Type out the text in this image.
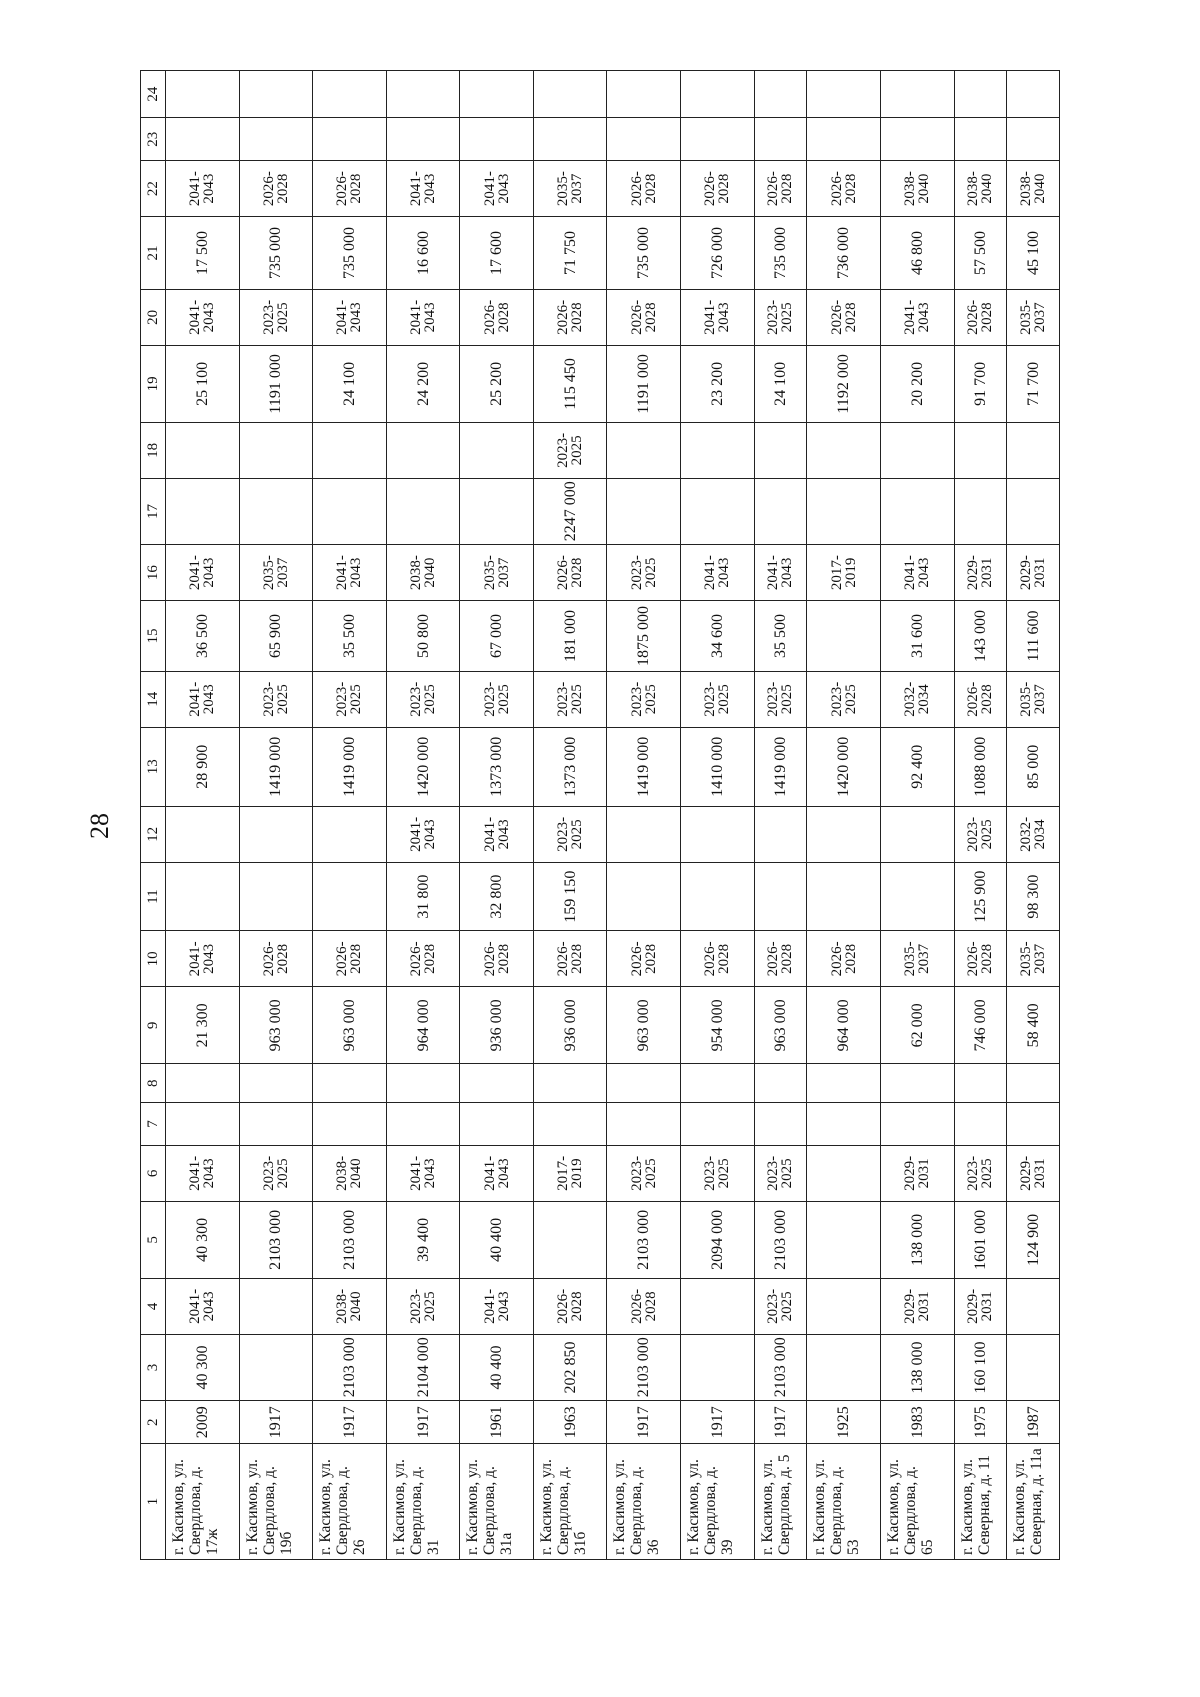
28
1	2	3	4	5	6	7	8	9	10	11	12	13	14	15	16	17	18	19	20	21	22	23	24
г. Касимов, ул. Свердлова, д. 17ж	2009	40 300	2041-2043	40 300	2041-2043			21 300	2041-2043			28 900	2041-2043	36 500	2041-2043			25 100	2041-2043	17 500	2041-2043		
г. Касимов, ул. Свердлова, д. 19б	1917			2103 000	2023-2025			963 000	2026-2028			1419 000	2023-2025	65 900	2035-2037			1191 000	2023-2025	735 000	2026-2028		
г. Касимов, ул. Свердлова, д. 26	1917	2103 000	2038-2040	2103 000	2038-2040			963 000	2026-2028			1419 000	2023-2025	35 500	2041-2043			24 100	2041-2043	735 000	2026-2028		
г. Касимов, ул. Свердлова, д. 31	1917	2104 000	2023-2025	39 400	2041-2043			964 000	2026-2028	31 800	2041-2043	1420 000	2023-2025	50 800	2038-2040			24 200	2041-2043	16 600	2041-2043		
г. Касимов, ул. Свердлова, д. 31а	1961	40 400	2041-2043	40 400	2041-2043			936 000	2026-2028	32 800	2041-2043	1373 000	2023-2025	67 000	2035-2037			25 200	2026-2028	17 600	2041-2043		
г. Касимов, ул. Свердлова, д. 31б	1963	202 850	2026-2028		2017-2019			936 000	2026-2028	159 150	2023-2025	1373 000	2023-2025	181 000	2026-2028	2247 000	2023-2025	115 450	2026-2028	71 750	2035-2037		
г. Касимов, ул. Свердлова, д. 36	1917	2103 000	2026-2028	2103 000	2023-2025			963 000	2026-2028			1419 000	2023-2025	1875 000	2023-2025			1191 000	2026-2028	735 000	2026-2028		
г. Касимов, ул. Свердлова, д. 39	1917			2094 000	2023-2025			954 000	2026-2028			1410 000	2023-2025	34 600	2041-2043			23 200	2041-2043	726 000	2026-2028		
г. Касимов, ул. Свердлова, д. 5	1917	2103 000	2023-2025	2103 000	2023-2025			963 000	2026-2028			1419 000	2023-2025	35 500	2041-2043			24 100	2023-2025	735 000	2026-2028		
г. Касимов, ул. Свердлова, д. 53	1925							964 000	2026-2028			1420 000	2023-2025		2017-2019			1192 000	2026-2028	736 000	2026-2028		
г. Касимов, ул. Свердлова, д. 65	1983	138 000	2029-2031	138 000	2029-2031			62 000	2035-2037			92 400	2032-2034	31 600	2041-2043			20 200	2041-2043	46 800	2038-2040		
г. Касимов, ул. Северная, д. 11	1975	160 100	2029-2031	1601 000	2023-2025			746 000	2026-2028	125 900	2023-2025	1088 000	2026-2028	143 000	2029-2031			91 700	2026-2028	57 500	2038-2040		
г. Касимов, ул. Северная, д. 11а	1987			124 900	2029-2031			58 400	2035-2037	98 300	2032-2034	85 000	2035-2037	111 600	2029-2031			71 700	2035-2037	45 100	2038-2040		
